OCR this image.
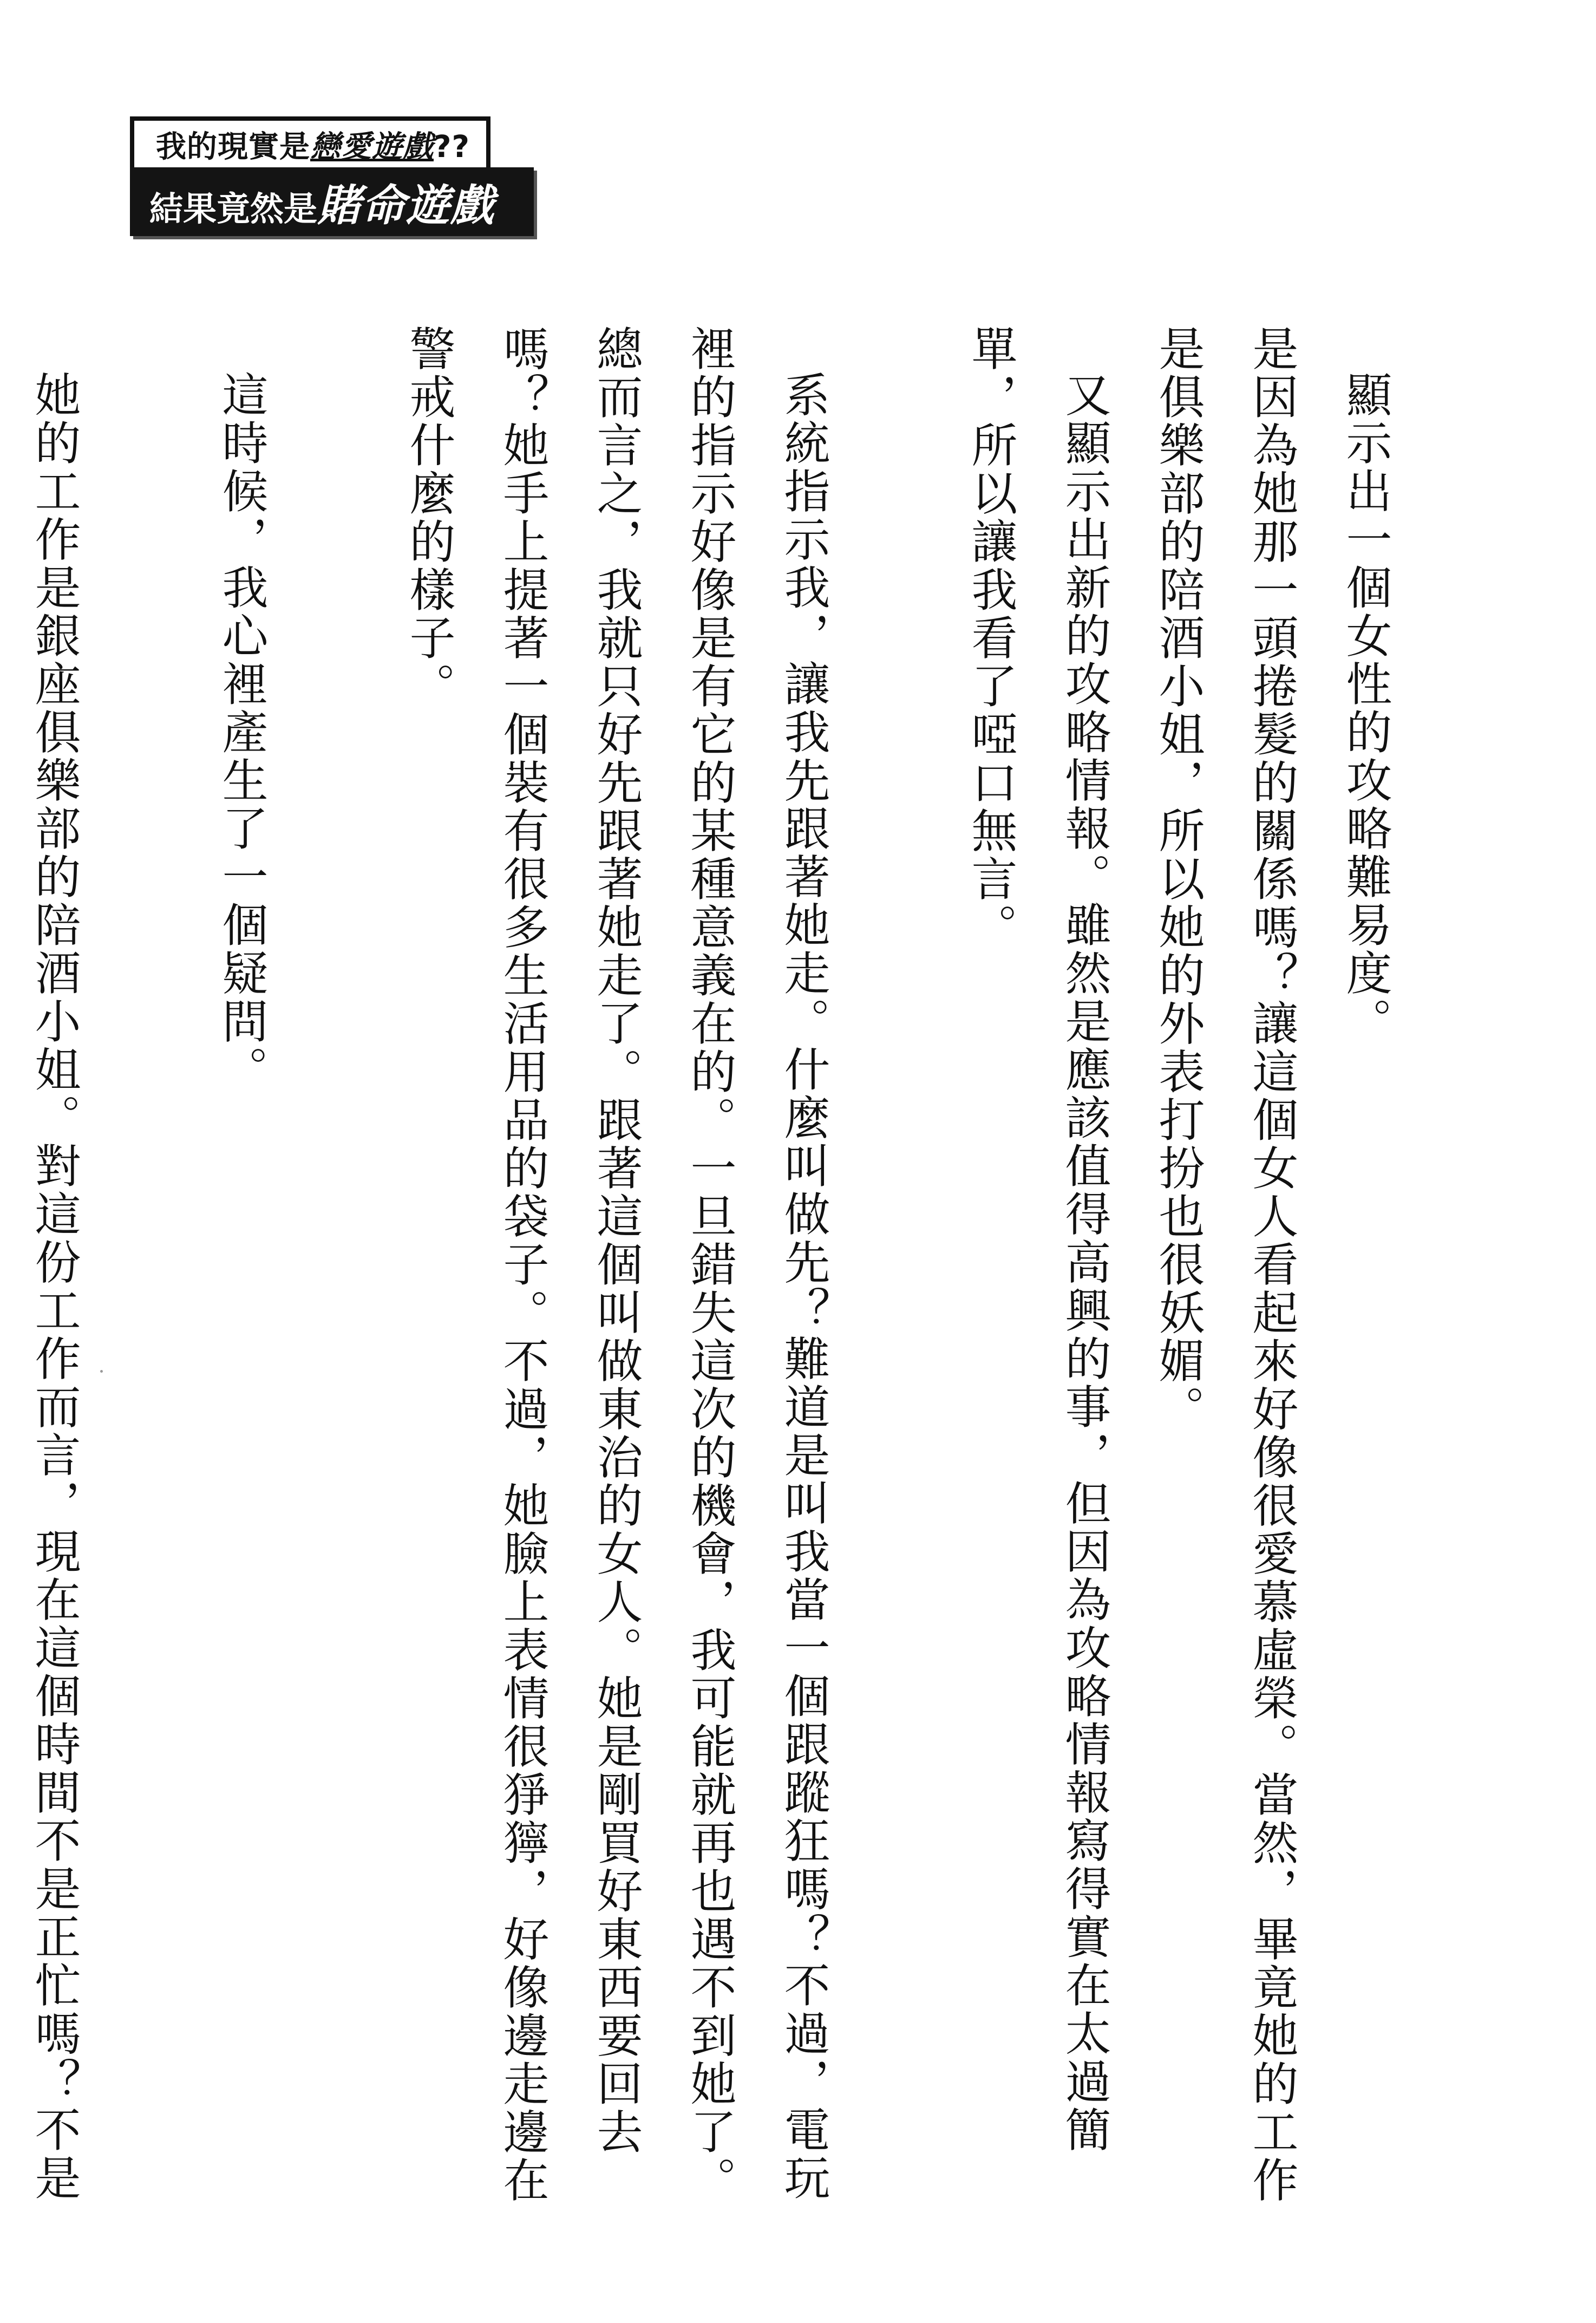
我的現實是戀愛遊戲??
結果竟然是賭命遊戲

顯示出一個女性的攻略難易度。

是因為她那一頭捲髮的關係嗎？讓這個女人看起來好像很愛慕虛榮。當然，畢竟她的工作是俱樂部的陪酒小姐，所以她的外表打扮也很妖媚。

又顯示出新的攻略情報。雖然是應該值得高興的事，但因為攻略情報寫得實在太過簡單，所以讓我看了啞口無言。

系統指示我，讓我先跟著她走。什麼叫做先？難道是叫我當一個跟蹤狂嗎？不過，電玩裡的指示好像是有它的某種意義在的。一旦錯失這次的機會，我可能就再也遇不到她了。總而言之，我就只好先跟著她走了。跟著這個叫做東治的女人。她是剛買好東西要回去嗎？她手上提著一個裝有很多生活用品的袋子。不過，她臉上表情很猙獰，好像邊走邊在警戒什麼的樣子。

這時候，我心裡產生了一個疑問。

她的工作是銀座俱樂部的陪酒小姐。對這份工作而言，現在這個時間不是正忙嗎？不是
